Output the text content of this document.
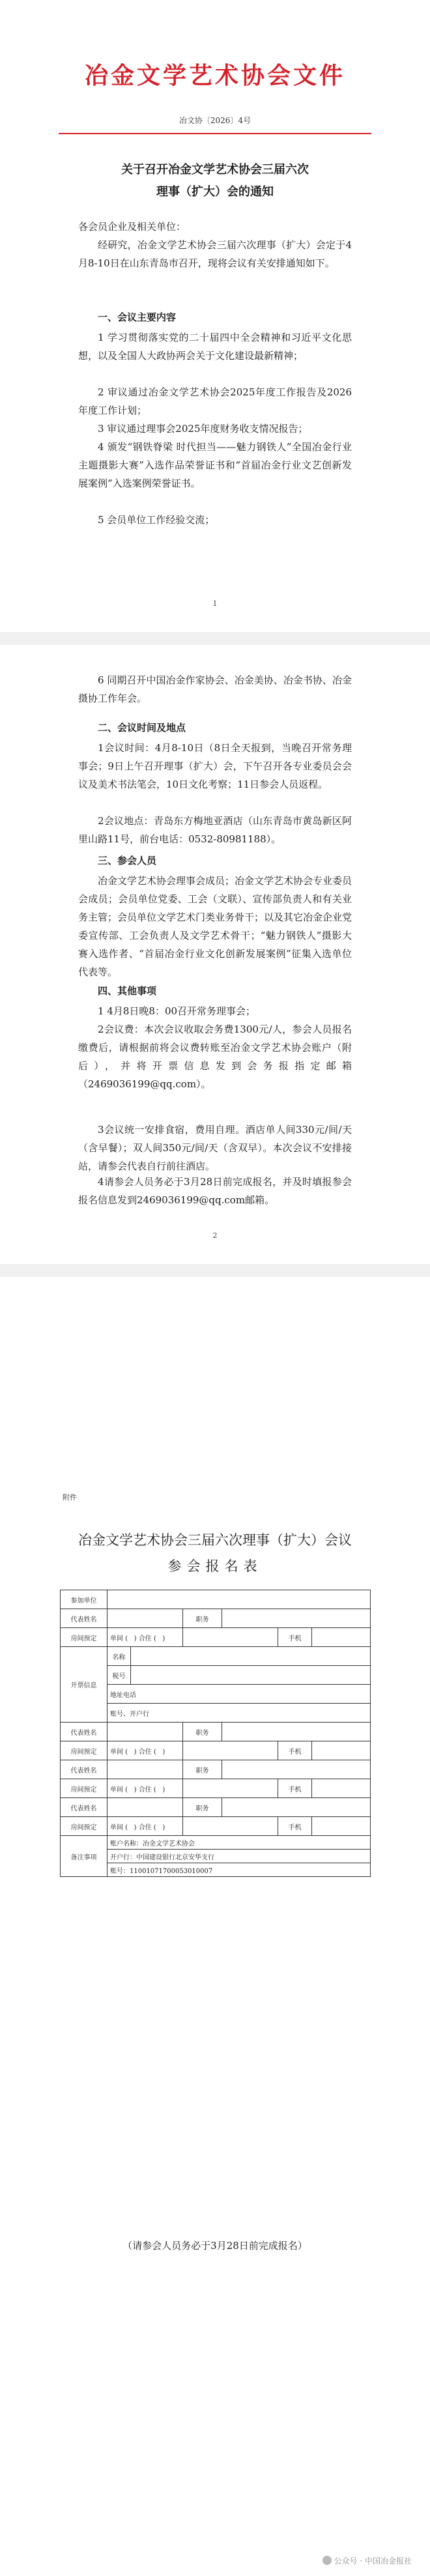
冶金文学艺术协会文件
冶文协〔2026〕4号

关于召开冶金文学艺术协会三届六次

理事（扩大）会的通知

各会员企业及相关单位：

经研究，冶金文学艺术协会三届六次理事（扩大）会定于4月8-10日在山东青岛市召开，现将会议有关安排通知如下。

一、会议主要内容

1 学习贯彻落实党的二十届四中全会精神和习近平文化思想，以及全国人大政协两会关于文化建设最新精神；

2 审议通过冶金文学艺术协会2025年度工作报告及2026年度工作计划；

3 审议通过理事会2025年度财务收支情况报告；

4 颁发“钢铁脊梁 时代担当——魅力钢铁人”全国冶金行业主题摄影大赛”入选作品荣誉证书和“首届冶金行业文艺创新发展案例”入选案例荣誉证书。

5 会员单位工作经验交流；

1

6 同期召开中国冶金作家协会、冶金美协、冶金书协、冶金摄协工作年会。

二、会议时间及地点

1会议时间：4月8-10日（8日全天报到，当晚召开常务理事会；9日上午召开理事（扩大）会，下午召开各专业委员会会议及美术书法笔会，10日文化考察；11日参会人员返程。

2会议地点：青岛东方梅地亚酒店（山东青岛市黄岛新区阿里山路11号，前台电话：0532-80981188）。

三、参会人员

冶金文学艺术协会理事会成员；冶金文学艺术协会专业委员会成员；会员单位党委、工会（文联）、宣传部负责人和有关业务主管；会员单位文学艺术门类业务骨干；以及其它冶金企业党委宣传部、工会负责人及文学艺术骨干；“魅力钢铁人”摄影大赛入选作者、“首届冶金行业文化创新发展案例”征集入选单位代表等。

四、其他事项

1 4月8日晚8：00召开常务理事会；

2会议费：本次会议收取会务费1300元/人，参会人员报名缴费后，请根据前将会议费转账至冶金文学艺术协会账户（附后），并将开票信息发到会务报指定邮箱（2469036199@qq.com）。

2

3会议统一安排食宿，费用自理。酒店单人间330元/间/天（含早餐）；双人间350元/间/天（含双早）。本次会议不安排接站，请参会代表自行前往酒店。

4请参会人员务必于3月28日前完成报名，并及时填报参会报名信息发到2469036199@qq.com邮箱。

附件
冶金文学艺术协会三届六次理事（扩大）会议
参会报名表
参加单位						
代表姓名			职务			
房间预定	单间 (   ) 合住 (   )				手机	
开票信息	名称					
	税号					
	地址电话					
	账号、开户行					
代表姓名			职务			
房间预定	单间 (   ) 合住 (   )				手机	
代表姓名			职务			
房间预定	单间 (   ) 合住 (   )				手机	
代表姓名			职务			
房间预定	单间 (   ) 合住 (   )				手机	
备注事项	账户名称：冶金文学艺术协会					
	开户行：中国建设银行北京安华支行					
	账号：11001071700053010007					
（请参会人员务必于3月28日前完成报名）
公众号 · 中国冶金报社
